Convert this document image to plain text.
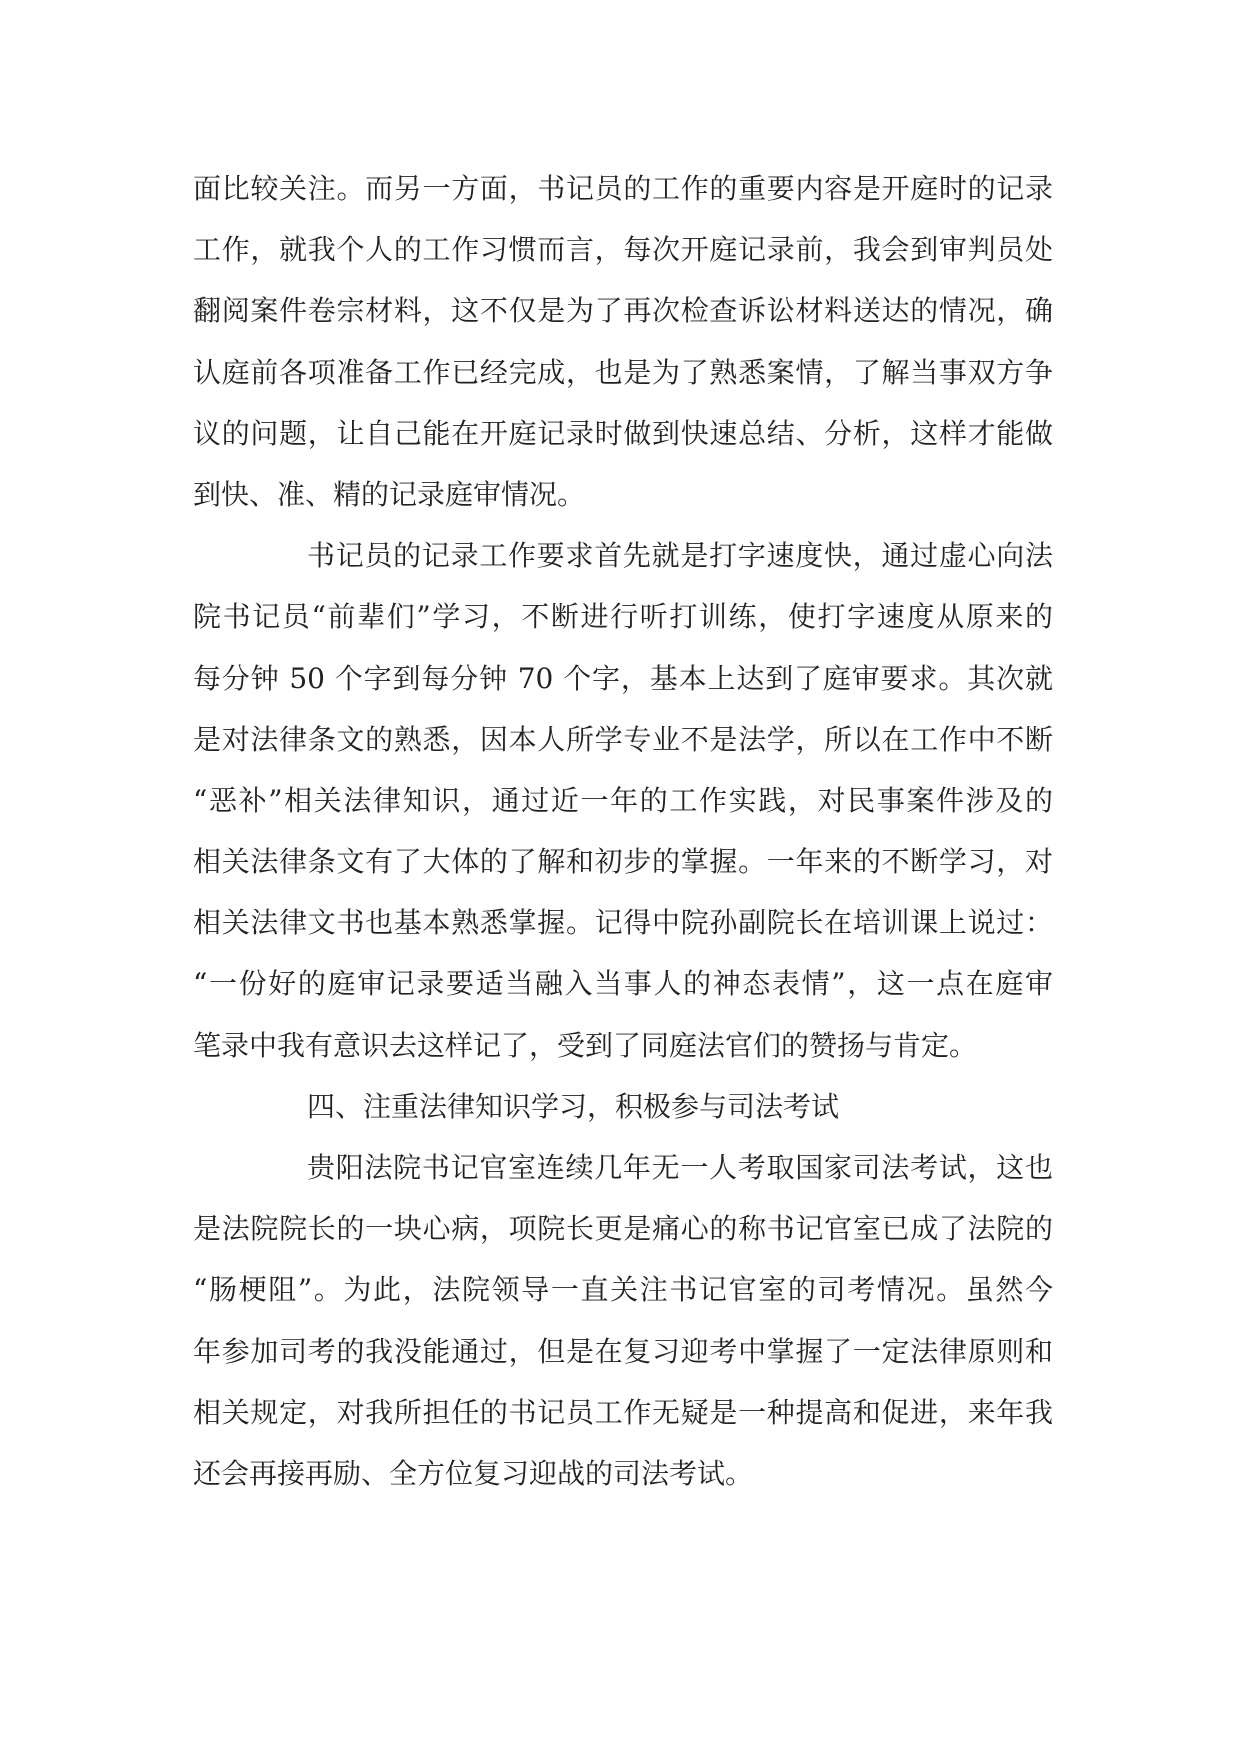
面比较关注。而另一方面，书记员的工作的重要内容是开庭时的记录
工作，就我个人的工作习惯而言，每次开庭记录前，我会到审判员处
翻阅案件卷宗材料，这不仅是为了再次检查诉讼材料送达的情况，确
认庭前各项准备工作已经完成，也是为了熟悉案情，了解当事双方争
议的问题，让自己能在开庭记录时做到快速总结、分析，这样才能做
到快、准、精的记录庭审情况。
书记员的记录工作要求首先就是打字速度快，通过虚心向法
院书记员“前辈们”学习，不断进行听打训练，使打字速度从原来的
每分钟 50 个字到每分钟 70 个字，基本上达到了庭审要求。其次就
是对法律条文的熟悉，因本人所学专业不是法学，所以在工作中不断
“恶补”相关法律知识，通过近一年的工作实践，对民事案件涉及的
相关法律条文有了大体的了解和初步的掌握。一年来的不断学习，对
相关法律文书也基本熟悉掌握。记得中院孙副院长在培训课上说过：
“一份好的庭审记录要适当融入当事人的神态表情”，这一点在庭审
笔录中我有意识去这样记了，受到了同庭法官们的赞扬与肯定。
四、注重法律知识学习，积极参与司法考试
贵阳法院书记官室连续几年无一人考取国家司法考试，这也
是法院院长的一块心病，项院长更是痛心的称书记官室已成了法院的
“肠梗阻”。为此，法院领导一直关注书记官室的司考情况。虽然今
年参加司考的我没能通过，但是在复习迎考中掌握了一定法律原则和
相关规定，对我所担任的书记员工作无疑是一种提高和促进，来年我
还会再接再励、全方位复习迎战的司法考试。
